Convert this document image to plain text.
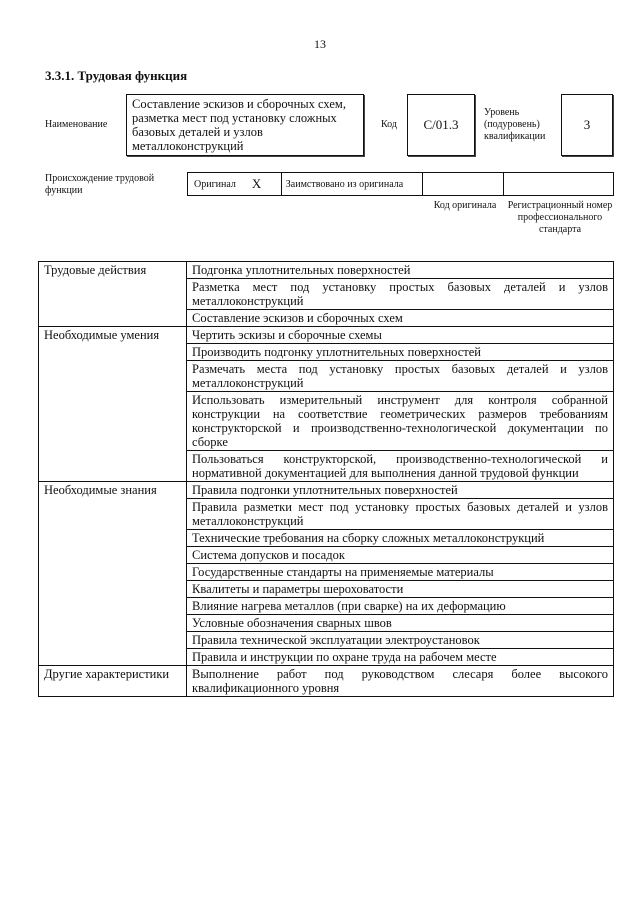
13
3.3.1. Трудовая функция
Наименование
Составление эскизов и сборочных схем, разметка мест под установку сложных базовых деталей и узлов металлоконструкций
Код	С/01.3
Уровень (подуровень) квалификации
3
Происхождение трудовой функции
Оригинал X Заимствовано из оригинала
Код оригинала	Регистрационный номер профессионального стандарта
Трудовые действия	Подгонка уплотнительных поверхностей
	Разметка мест под установку простых базовых деталей и узлов металлоконструкций
	Составление эскизов и сборочных схем
Необходимые умения	Чертить эскизы и сборочные схемы
	Производить подгонку уплотнительных поверхностей
	Размечать места под установку простых базовых деталей и узлов металлоконструкций
	Использовать измерительный инструмент для контроля собранной конструкции на соответствие геометрических размеров требованиям конструкторской и производственно-технологической документации по сборке
	Пользоваться конструкторской, производственно-технологической и нормативной документацией для выполнения данной трудовой функции
Необходимые знания	Правила подгонки уплотнительных поверхностей
	Правила разметки мест под установку простых базовых деталей и узлов металлоконструкций
	Технические требования на сборку сложных металлоконструкций
	Система допусков и посадок
	Государственные стандарты на применяемые материалы
	Квалитеты и параметры шероховатости
	Влияние нагрева металлов (при сварке) на их деформацию
	Условные обозначения сварных швов
	Правила технической эксплуатации электроустановок
	Правила и инструкции по охране труда на рабочем месте
Другие характеристики	Выполнение работ под руководством слесаря более высокого квалификационного уровня
